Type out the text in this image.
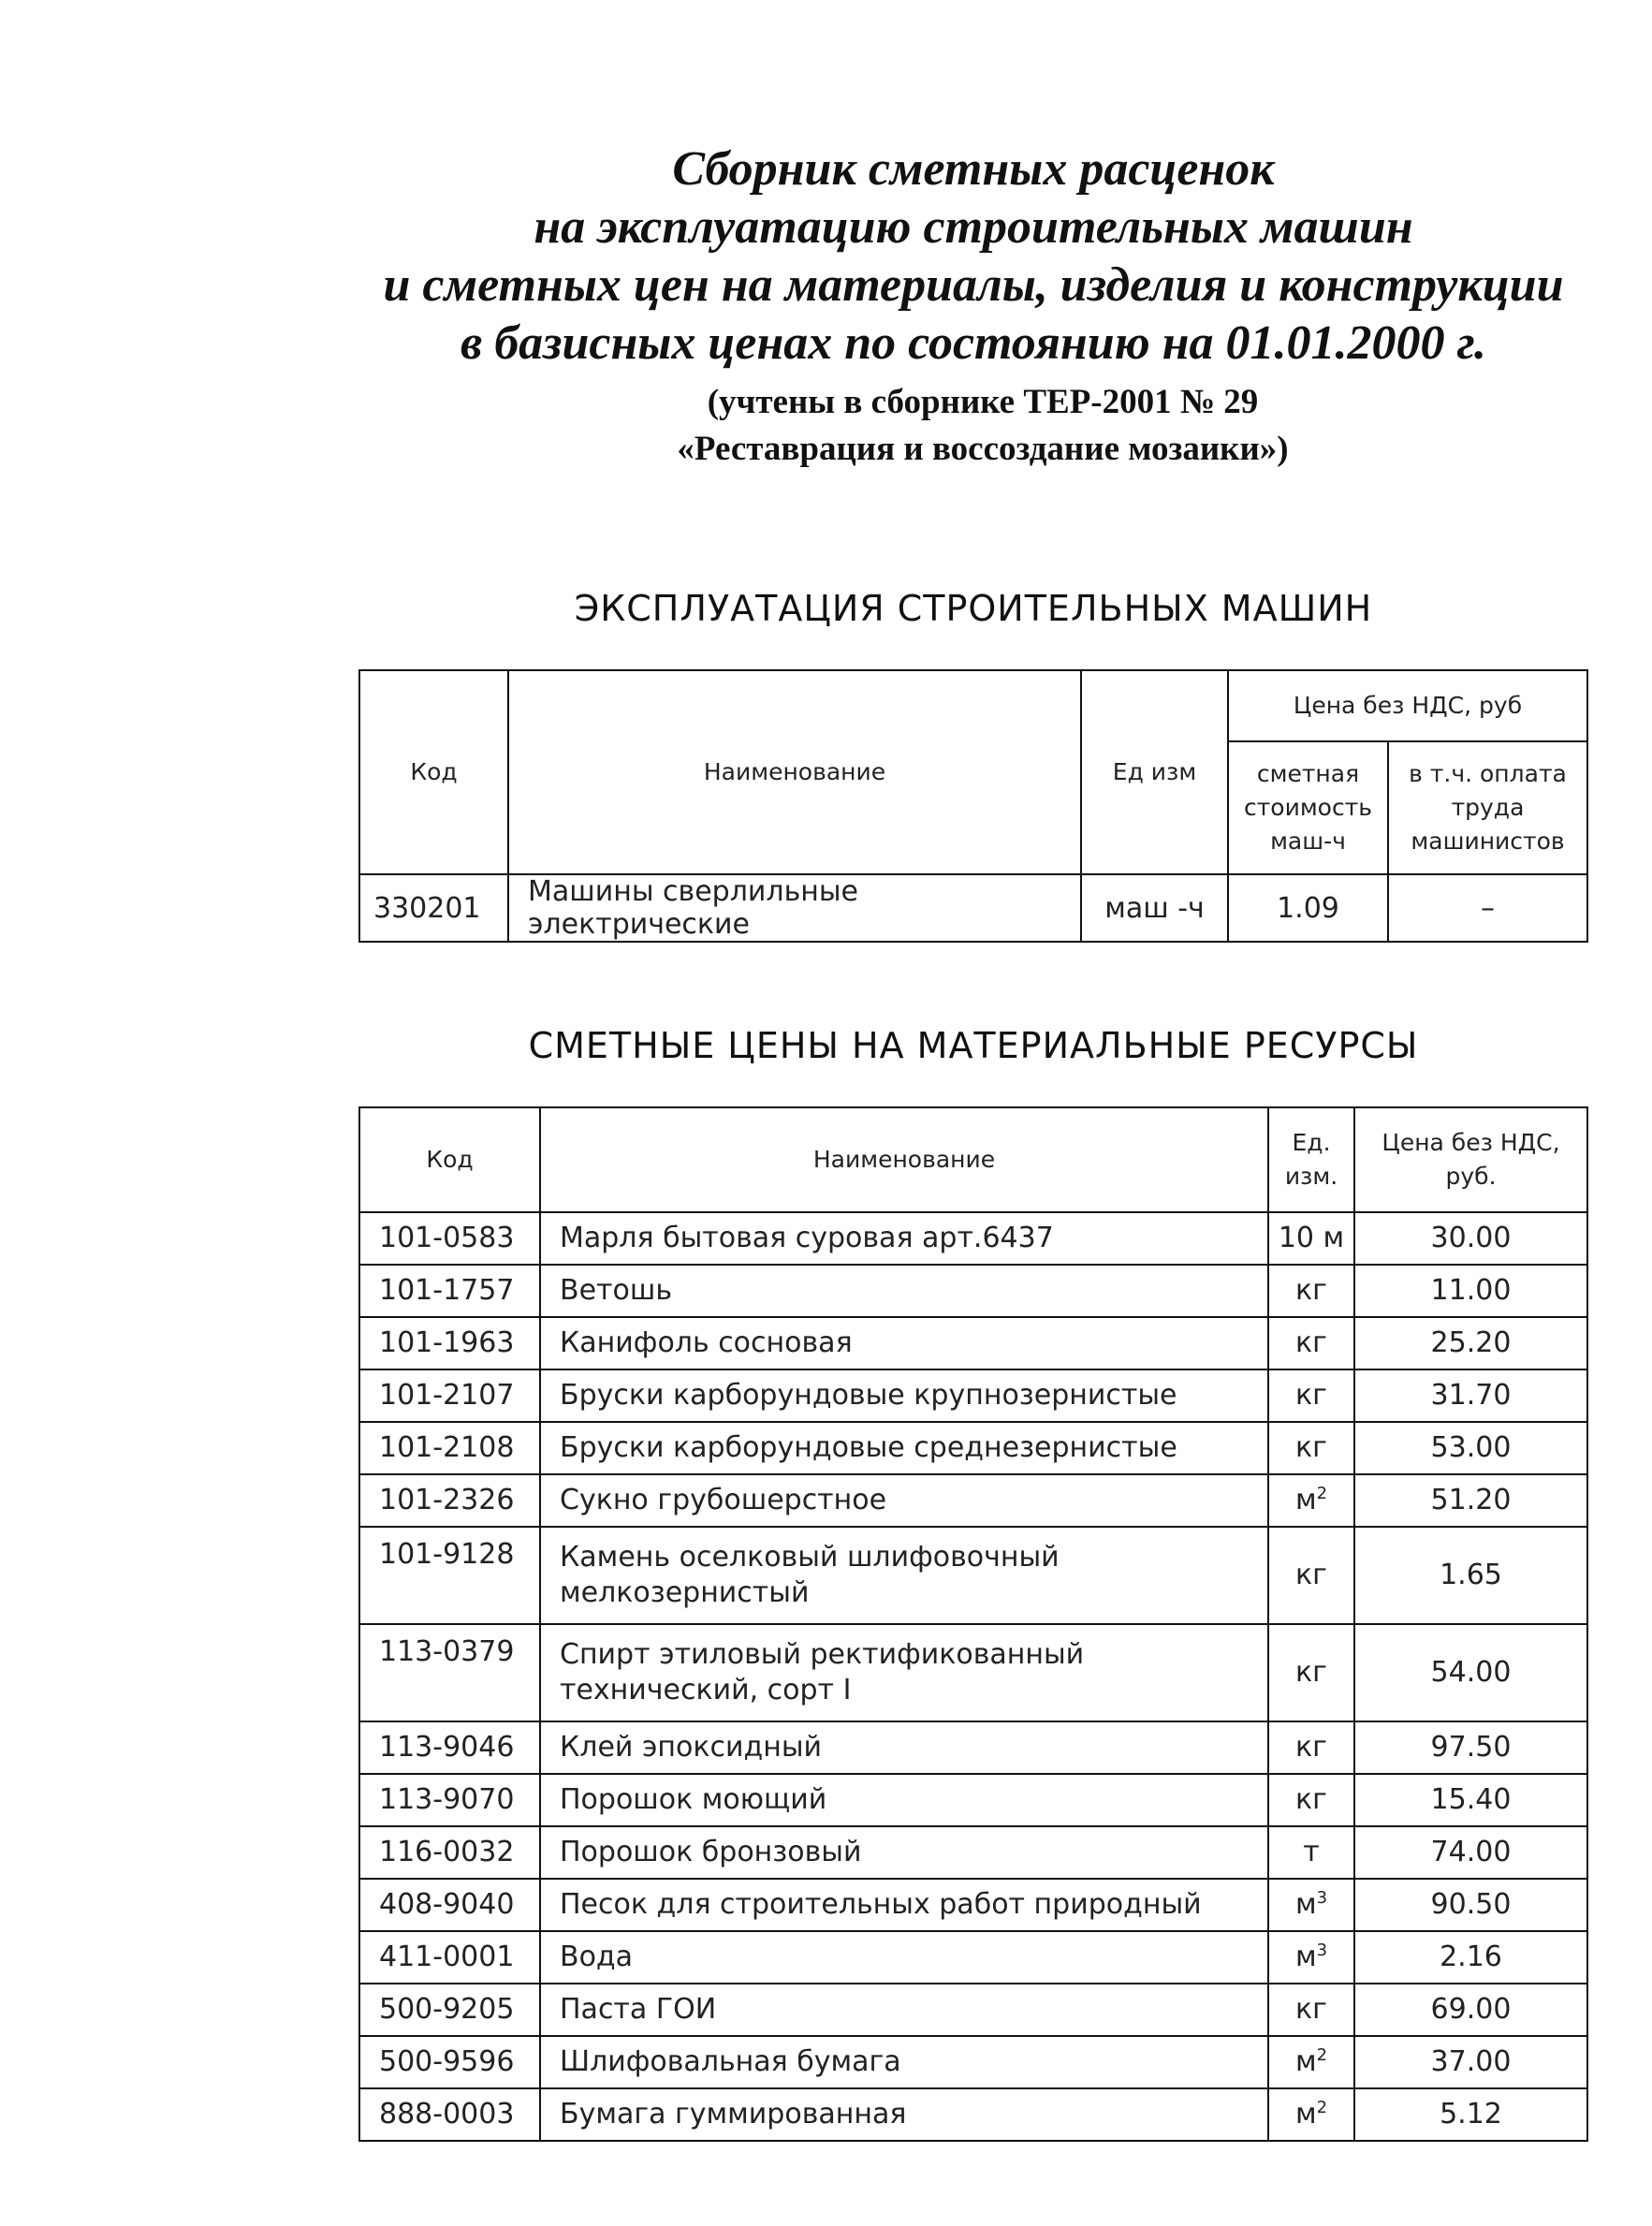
Сборник сметных расценок
на эксплуатацию строительных машин
и сметных цен на материалы, изделия и конструкции
в базисных ценах по состоянию на 01.01.2000 г.
(учтены в сборнике ТЕР-2001 № 29
«Реставрация и воссоздание мозаики»)
ЭКСПЛУАТАЦИЯ СТРОИТЕЛЬНЫХ МАШИН
Код	Наименование	Ед изм	Цена без НДС, руб	
			сметная стоимость маш-ч	в т.ч. оплата труда машинистов
330201	Машины сверлильные электрические	маш -ч	1.09	–
СМЕТНЫЕ ЦЕНЫ НА МАТЕРИАЛЬНЫЕ РЕСУРСЫ
Код	Наименование	Ед. изм.	Цена без НДС, руб.
101-0583	Марля бытовая суровая арт.6437	10 м	30.00
101-1757	Ветошь	кг	11.00
101-1963	Канифоль сосновая	кг	25.20
101-2107	Бруски карборундовые крупнозернистые	кг	31.70
101-2108	Бруски карборундовые среднезернистые	кг	53.00
101-2326	Сукно грубошерстное	$м^2$	51.20
101-9128	Камень оселковый шлифовочный мелкозернистый	кг	1.65
113-0379	Спирт этиловый ректификованный технический, сорт I	кг	54.00
113-9046	Клей эпоксидный	кг	97.50
113-9070	Порошок моющий	кг	15.40
116-0032	Порошок бронзовый	т	74.00
408-9040	Песок для строительных работ природный	$м^3$	90.50
411-0001	Вода	$м^3$	2.16
500-9205	Паста ГОИ	кг	69.00
500-9596	Шлифовальная бумага	$м^2$	37.00
888-0003	Бумага гуммированная	$м^2$	5.12
